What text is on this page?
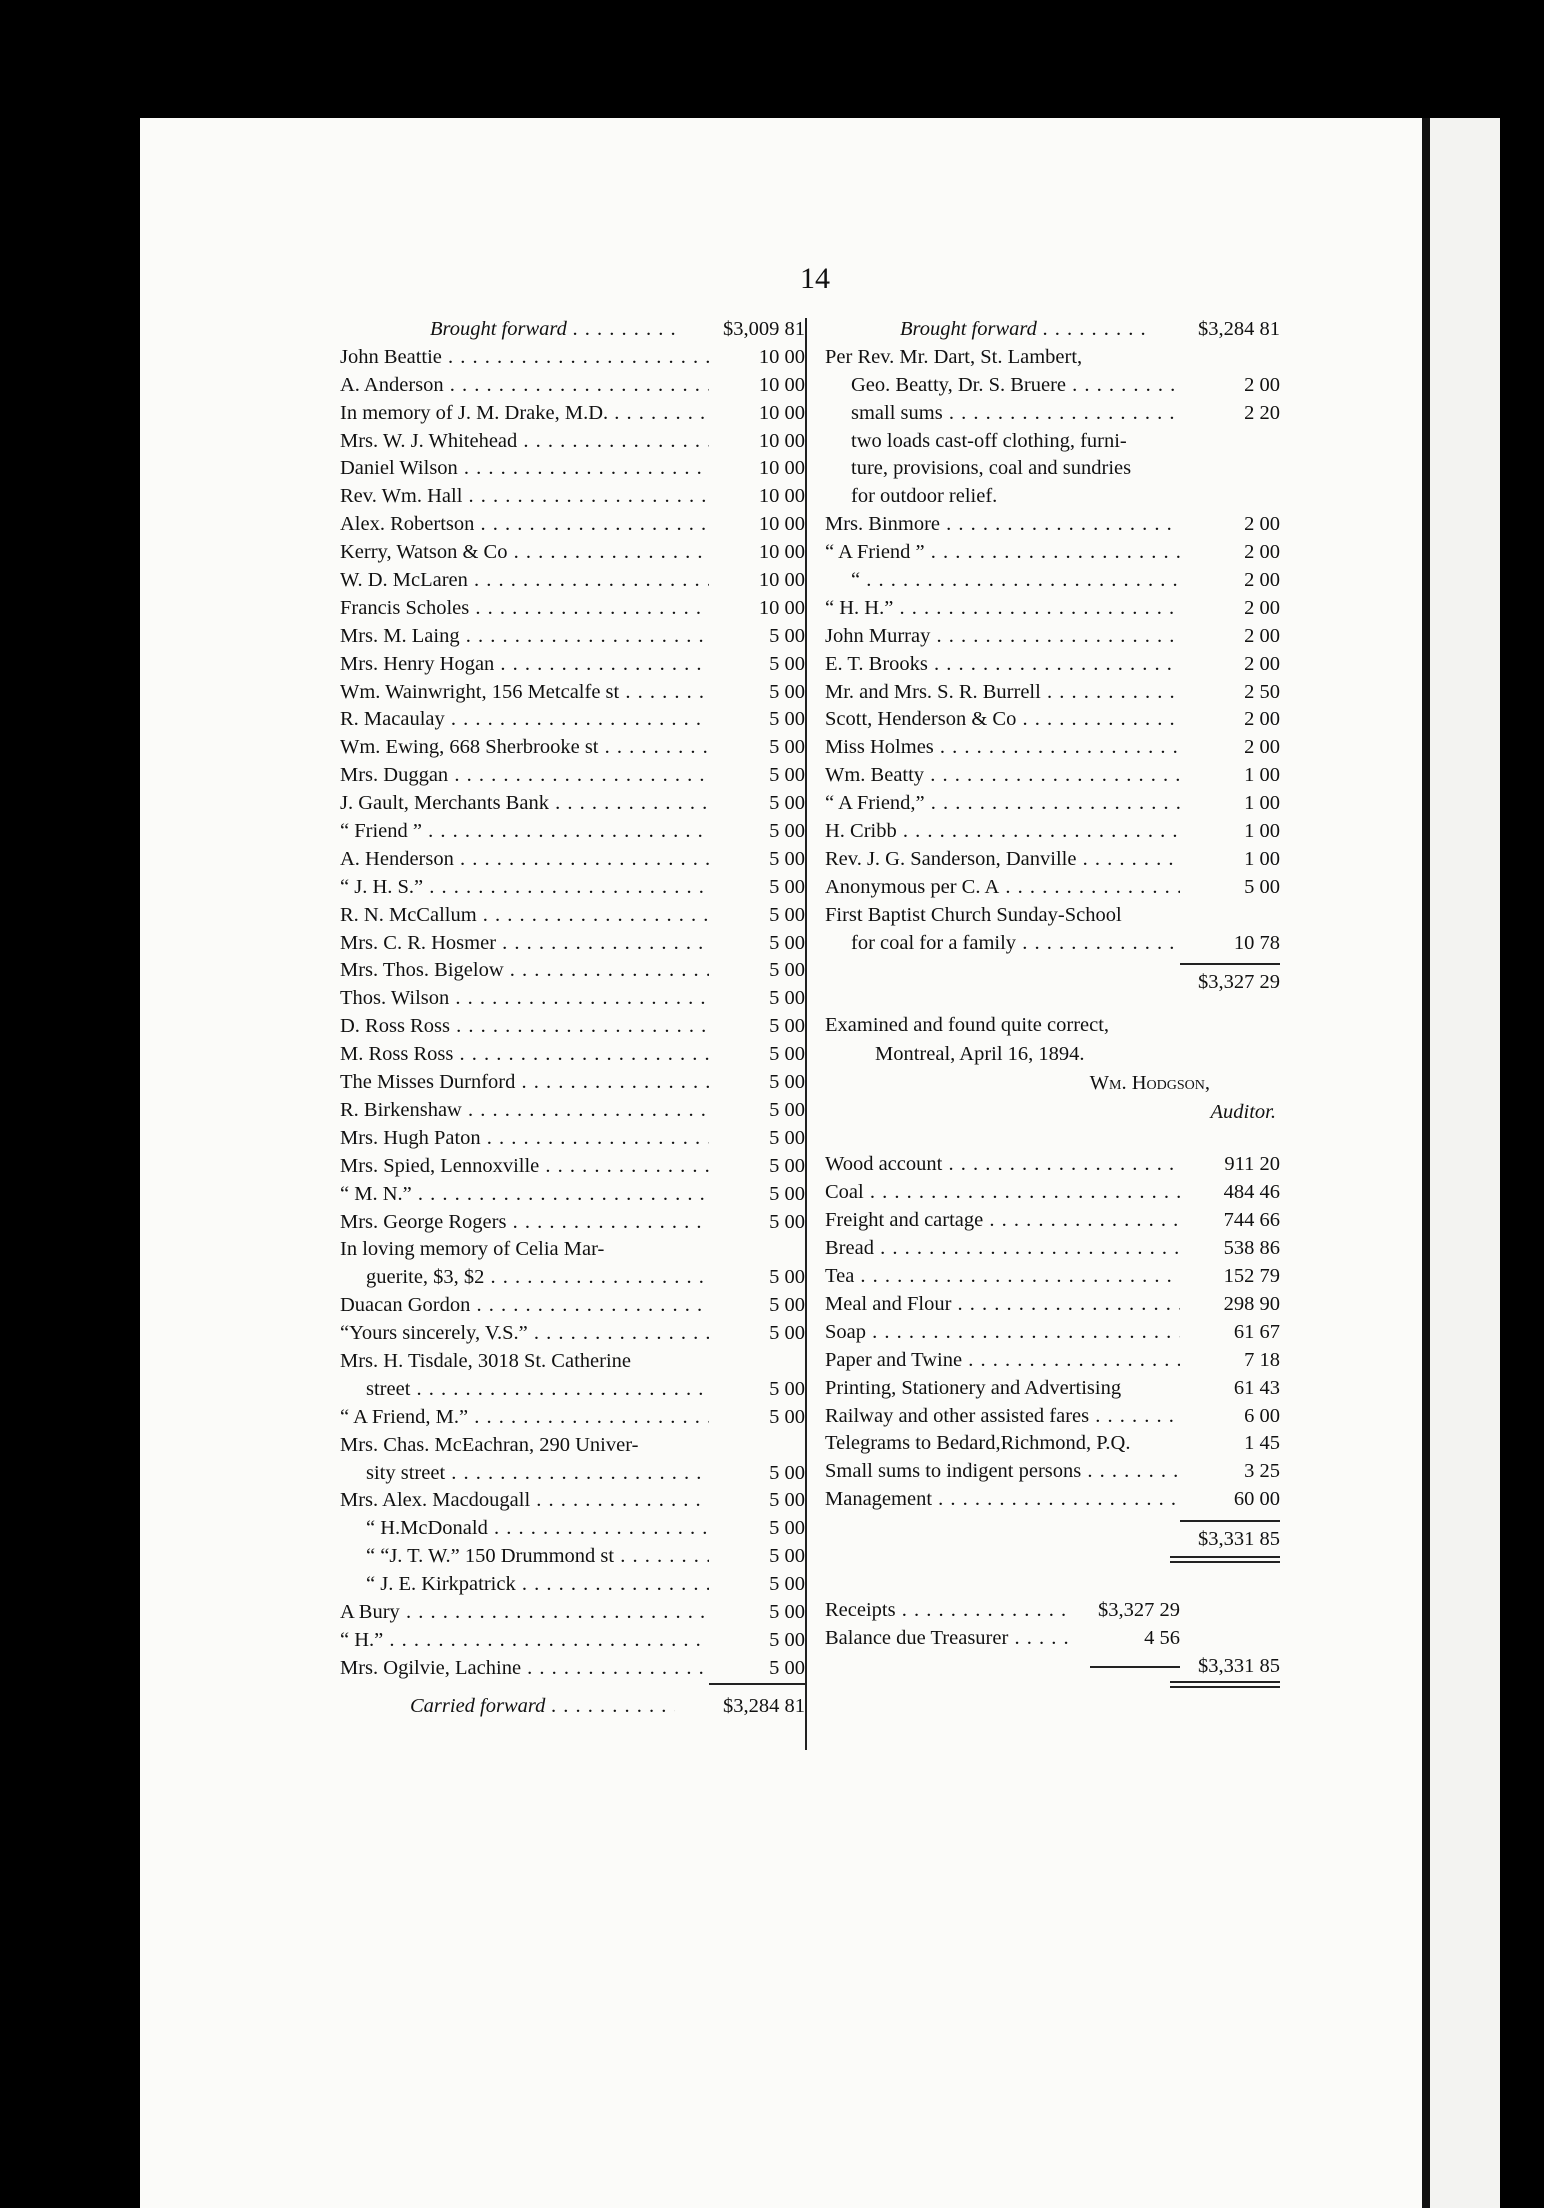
14
Brought forward . . .	$3,009 81
John Beattie . . .	10 00
A. Anderson . . .	10 00
In memory of J. M. Drake, M.D. . . .	10 00
Mrs. W. J. Whitehead . . .	10 00
Daniel Wilson . . .	10 00
Rev. Wm. Hall . . .	10 00
Alex. Robertson . . .	10 00
Kerry, Watson & Co . . .	10 00
W. D. McLaren . . .	10 00
Francis Scholes . . .	10 00
Mrs. M. Laing . . .	5 00
Mrs. Henry Hogan . . .	5 00
Wm. Wainwright, 156 Metcalfe st . . .	5 00
R. Macaulay . . .	5 00
Wm. Ewing, 668 Sherbrooke st . . .	5 00
Mrs. Duggan . . .	5 00
J. Gault, Merchants Bank . . .	5 00
“ Friend ” . . .	5 00
A. Henderson . . .	5 00
“ J. H. S.” . . .	5 00
R. N. McCallum . . .	5 00
Mrs. C. R. Hosmer . . .	5 00
Mrs. Thos. Bigelow . . .	5 00
Thos. Wilson . . .	5 00
D. Ross Ross . . .	5 00
M. Ross Ross . . .	5 00
The Misses Durnford . . .	5 00
R. Birkenshaw . . .	5 00
Mrs. Hugh Paton . . .	5 00
Mrs. Spied, Lennoxville . . .	5 00
“ M. N.” . . .	5 00
Mrs. George Rogers . . .	5 00
In loving memory of Celia Mar-
guerite, $3, $2 . . .	5 00
Duacan Gordon . . .	5 00
“Yours sincerely, V.S.” . . .	5 00
Mrs. H. Tisdale, 3018 St. Catherine
street . . .	5 00
“ A Friend, M.” . . .	5 00
Mrs. Chas. McEachran, 290 Univer-
sity street . . .	5 00
Mrs. Alex. Macdougall . . .	5 00
“ H.McDonald . . .	5 00
“ “J. T. W.” 150 Drummond st . . .	5 00
“ J. E. Kirkpatrick . . .	5 00
A Bury . . .	5 00
“ H.” . . .	5 00
Mrs. Ogilvie, Lachine . . .	5 00
Carried forward . . .	$3,284 81
Brought forward . . .	$3,284 81
Per Rev. Mr. Dart, St. Lambert,
Geo. Beatty, Dr. S. Bruere . . .	2 00
small sums . . .	2 20
two loads cast-off clothing, furni-
ture, provisions, coal and sundries
for outdoor relief.
Mrs. Binmore . . .	2 00
“ A Friend ” . . .	2 00
“ . . .	2 00
“ H. H.” . . .	2 00
John Murray . . .	2 00
E. T. Brooks . . .	2 00
Mr. and Mrs. S. R. Burrell . . .	2 50
Scott, Henderson & Co . . .	2 00
Miss Holmes . . .	2 00
Wm. Beatty . . .	1 00
“ A Friend,” . . .	1 00
H. Cribb . . .	1 00
Rev. J. G. Sanderson, Danville . . .	1 00
Anonymous per C. A . . .	5 00
First Baptist Church Sunday-School
for coal for a family . . .	10 78
$3,327 29
Examined and found quite correct,
Montreal, April 16, 1894.
Wm. Hodgson,
Auditor.
Wood account . . .	911 20
Coal . . .	484 46
Freight and cartage . . .	744 66
Bread . . .	538 86
Tea . . .	152 79
Meal and Flour . . .	298 90
Soap . . .	61 67
Paper and Twine . . .	7 18
Printing, Stationery and Advertising	61 43
Railway and other assisted fares . . .	6 00
Telegrams to Bedard,Richmond, P.Q.	1 45
Small sums to indigent persons . . .	3 25
Management . . .	60 00
$3,331 85
Receipts . . .	$3,327 29
Balance due Treasurer . . .	4 56
$3,331 85
